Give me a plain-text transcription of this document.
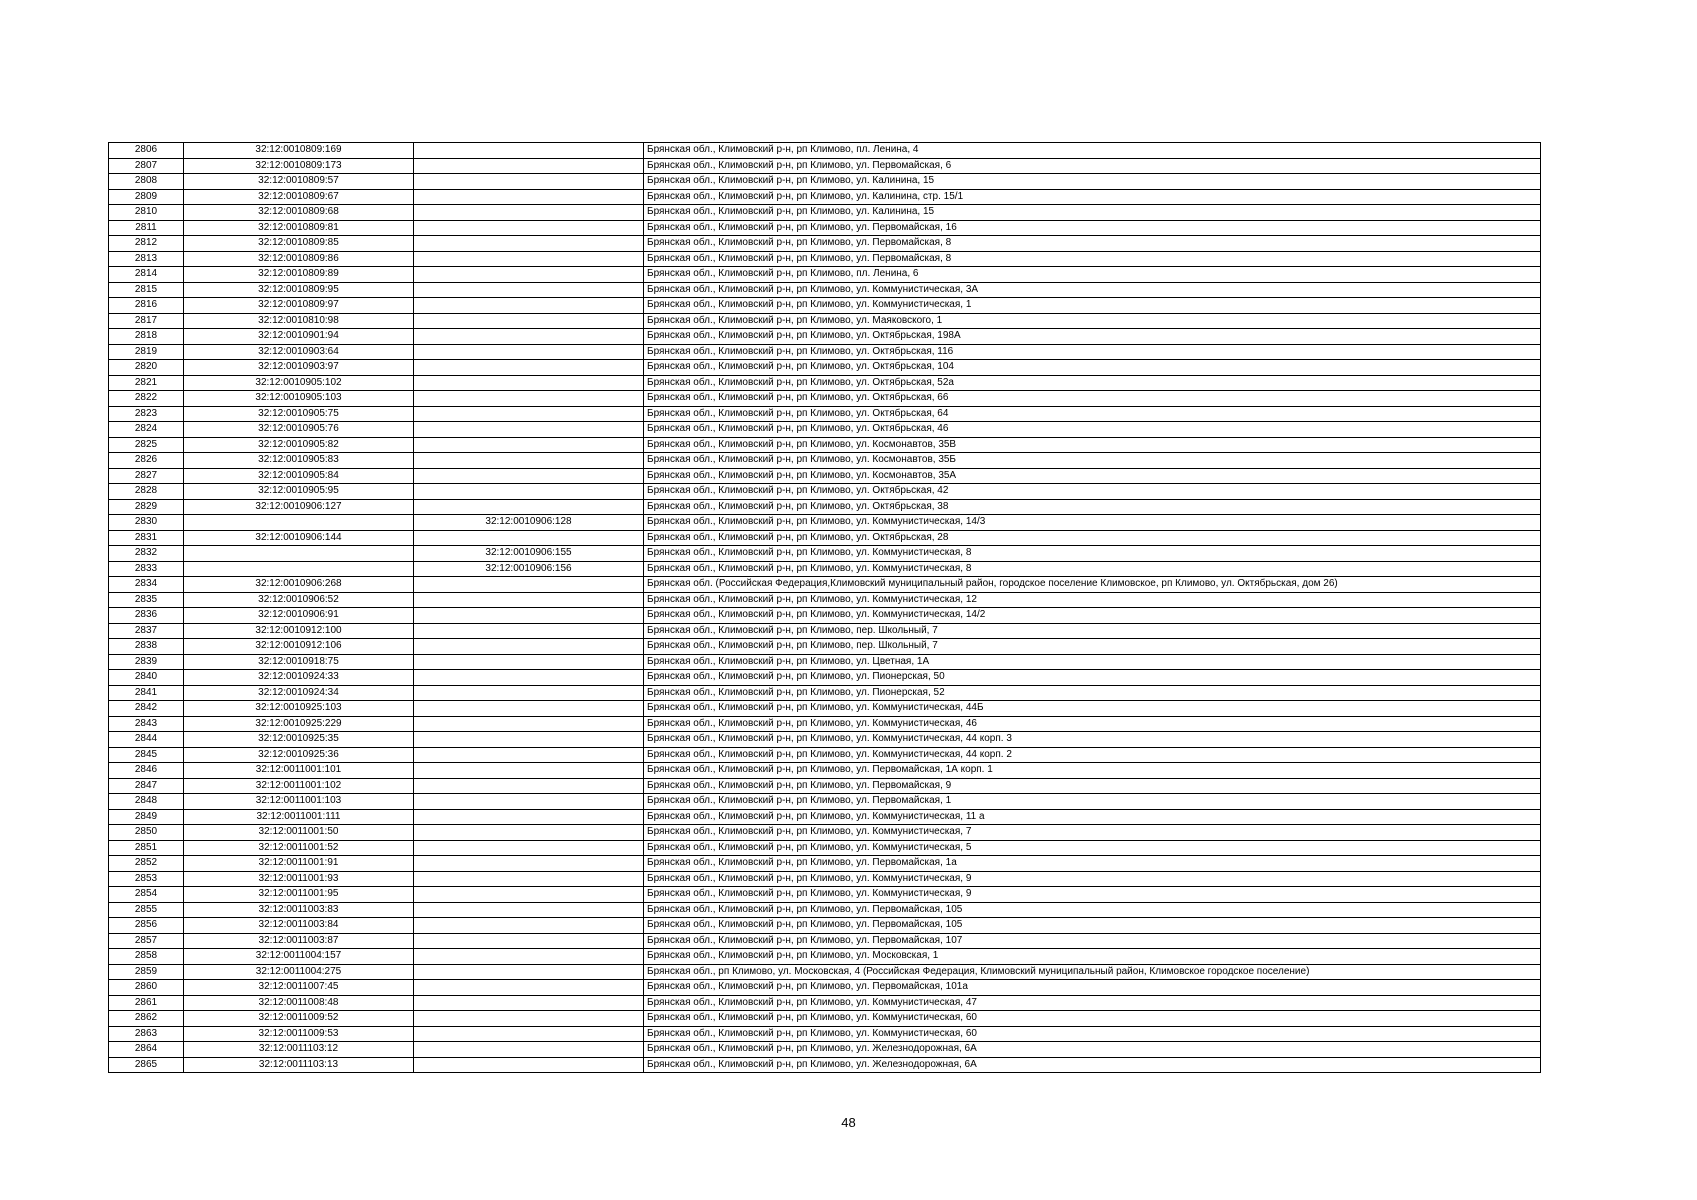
2806	32:12:0010809:169		Брянская обл., Климовский р-н, рп Климово, пл. Ленина, 4
2807	32:12:0010809:173		Брянская обл., Климовский р-н, рп Климово, ул. Первомайская, 6
2808	32:12:0010809:57		Брянская обл., Климовский р-н, рп Климово, ул. Калинина, 15
2809	32:12:0010809:67		Брянская обл., Климовский р-н, рп Климово, ул. Калинина, стр. 15/1
2810	32:12:0010809:68		Брянская обл., Климовский р-н, рп Климово, ул. Калинина, 15
2811	32:12:0010809:81		Брянская обл., Климовский р-н, рп Климово, ул. Первомайская, 16
2812	32:12:0010809:85		Брянская обл., Климовский р-н, рп Климово, ул. Первомайская, 8
2813	32:12:0010809:86		Брянская обл., Климовский р-н, рп Климово, ул. Первомайская, 8
2814	32:12:0010809:89		Брянская обл., Климовский р-н, рп Климово, пл. Ленина, 6
2815	32:12:0010809:95		Брянская обл., Климовский р-н, рп Климово, ул. Коммунистическая, 3А
2816	32:12:0010809:97		Брянская обл., Климовский р-н, рп Климово, ул. Коммунистическая, 1
2817	32:12:0010810:98		Брянская обл., Климовский р-н, рп Климово, ул. Маяковского, 1
2818	32:12:0010901:94		Брянская обл., Климовский р-н, рп Климово, ул. Октябрьская, 198А
2819	32:12:0010903:64		Брянская обл., Климовский р-н, рп Климово, ул. Октябрьская, 116
2820	32:12:0010903:97		Брянская обл., Климовский р-н, рп Климово, ул. Октябрьская, 104
2821	32:12:0010905:102		Брянская обл., Климовский р-н, рп Климово, ул. Октябрьская, 52а
2822	32:12:0010905:103		Брянская обл., Климовский р-н, рп Климово, ул. Октябрьская, 66
2823	32:12:0010905:75		Брянская обл., Климовский р-н, рп Климово, ул. Октябрьская, 64
2824	32:12:0010905:76		Брянская обл., Климовский р-н, рп Климово, ул. Октябрьская, 46
2825	32:12:0010905:82		Брянская обл., Климовский р-н, рп Климово, ул. Космонавтов, 35В
2826	32:12:0010905:83		Брянская обл., Климовский р-н, рп Климово, ул. Космонавтов, 35Б
2827	32:12:0010905:84		Брянская обл., Климовский р-н, рп Климово, ул. Космонавтов, 35А
2828	32:12:0010905:95		Брянская обл., Климовский р-н, рп Климово, ул. Октябрьская, 42
2829	32:12:0010906:127		Брянская обл., Климовский р-н, рп Климово, ул. Октябрьская, 38
2830		32:12:0010906:128	Брянская обл., Климовский р-н, рп Климово, ул. Коммунистическая, 14/3
2831	32:12:0010906:144		Брянская обл., Климовский р-н, рп Климово, ул. Октябрьская, 28
2832		32:12:0010906:155	Брянская обл., Климовский р-н, рп Климово, ул. Коммунистическая, 8
2833		32:12:0010906:156	Брянская обл., Климовский р-н, рп Климово, ул. Коммунистическая, 8
2834	32:12:0010906:268		Брянская обл. (Российская Федерация,Климовский муниципальный район, городское поселение Климовское, рп Климово, ул. Октябрьская, дом 26)
2835	32:12:0010906:52		Брянская обл., Климовский р-н, рп Климово, ул. Коммунистическая, 12
2836	32:12:0010906:91		Брянская обл., Климовский р-н, рп Климово, ул. Коммунистическая, 14/2
2837	32:12:0010912:100		Брянская обл., Климовский р-н, рп Климово, пер. Школьный, 7
2838	32:12:0010912:106		Брянская обл., Климовский р-н, рп Климово, пер. Школьный, 7
2839	32:12:0010918:75		Брянская обл., Климовский р-н, рп Климово, ул. Цветная, 1А
2840	32:12:0010924:33		Брянская обл., Климовский р-н, рп Климово, ул. Пионерская, 50
2841	32:12:0010924:34		Брянская обл., Климовский р-н, рп Климово, ул. Пионерская, 52
2842	32:12:0010925:103		Брянская обл., Климовский р-н, рп Климово, ул. Коммунистическая, 44Б
2843	32:12:0010925:229		Брянская обл., Климовский р-н, рп Климово, ул. Коммунистическая, 46
2844	32:12:0010925:35		Брянская обл., Климовский р-н, рп Климово, ул. Коммунистическая, 44 корп. 3
2845	32:12:0010925:36		Брянская обл., Климовский р-н, рп Климово, ул. Коммунистическая, 44 корп. 2
2846	32:12:0011001:101		Брянская обл., Климовский р-н, рп Климово, ул. Первомайская, 1А корп. 1
2847	32:12:0011001:102		Брянская обл., Климовский р-н, рп Климово, ул. Первомайская, 9
2848	32:12:0011001:103		Брянская обл., Климовский р-н, рп Климово, ул. Первомайская, 1
2849	32:12:0011001:111		Брянская обл., Климовский р-н, рп Климово, ул. Коммунистическая, 11 а
2850	32:12:0011001:50		Брянская обл., Климовский р-н, рп Климово, ул. Коммунистическая, 7
2851	32:12:0011001:52		Брянская обл., Климовский р-н, рп Климово, ул. Коммунистическая, 5
2852	32:12:0011001:91		Брянская обл., Климовский р-н, рп Климово, ул. Первомайская, 1а
2853	32:12:0011001:93		Брянская обл., Климовский р-н, рп Климово, ул. Коммунистическая, 9
2854	32:12:0011001:95		Брянская обл., Климовский р-н, рп Климово, ул. Коммунистическая, 9
2855	32:12:0011003:83		Брянская обл., Климовский р-н, рп Климово, ул. Первомайская, 105
2856	32:12:0011003:84		Брянская обл., Климовский р-н, рп Климово, ул. Первомайская, 105
2857	32:12:0011003:87		Брянская обл., Климовский р-н, рп Климово, ул. Первомайская, 107
2858	32:12:0011004:157		Брянская обл., Климовский р-н, рп Климово, ул. Московская, 1
2859	32:12:0011004:275		Брянская обл., рп Климово, ул. Московская, 4 (Российская Федерация, Климовский муниципальный район, Климовское городское поселение)
2860	32:12:0011007:45		Брянская обл., Климовский р-н, рп Климово, ул. Первомайская, 101а
2861	32:12:0011008:48		Брянская обл., Климовский р-н, рп Климово, ул. Коммунистическая, 47
2862	32:12:0011009:52		Брянская обл., Климовский р-н, рп Климово, ул. Коммунистическая, 60
2863	32:12:0011009:53		Брянская обл., Климовский р-н, рп Климово, ул. Коммунистическая, 60
2864	32:12:0011103:12		Брянская обл., Климовский р-н, рп Климово, ул. Железнодорожная, 6А
2865	32:12:0011103:13		Брянская обл., Климовский р-н, рп Климово, ул. Железнодорожная, 6А
48
